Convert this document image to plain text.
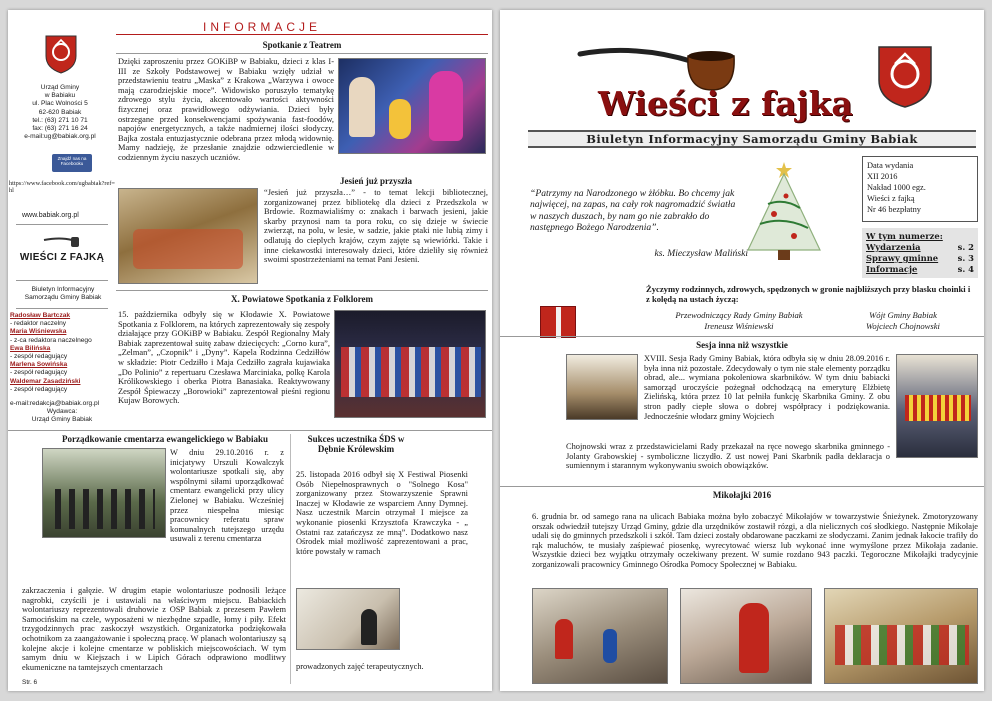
INFORMACJE
Urząd Gminy
w Babiaku
ul. Plac Wolności 5
62-620 Babiak
tel.: (63) 271 10 71
fax: (63) 271 16 24
e-mail:ug@babiak.org.pl
Znajdź nas na Facebooku
https://www.facebook.com/ugbabiak?ref=hl
www.babiak.org.pl
WIEŚCI Z FAJKĄ
Biuletyn Informacyjny Samorządu Gminy Babiak
Radosław Bartczak
- redaktor naczelny
Maria Wiśniewska
- z-ca redaktora naczelnego
Ewa Bilińska
- zespół redagujący
Marlena Sowińska
- zespół redagujący
Waldemar Zasadziński
- zespół redagujący
e-mail:redakcja@babiak.org.pl
Wydawca:
Urząd Gminy Babiak
Spotkanie z Teatrem
Dzięki zaproszeniu przez GOKiBP w Babiaku, dzieci z klas I-III ze Szkoły Podstawowej w Babiaku wzięły udział w przedstawieniu teatru „Maska” z Krakowa „Warzywa i owoce mają czarodziejskie moce”. Widowisko poruszyło tematykę zdrowego stylu życia, akcentowało wartości aktywności fizycznej oraz prawidłowego odżywiania. Dzieci były ostrzegane przed konsekwencjami spożywania fast-foodów, napojów energetycznych, a także nadmiernej ilości słodyczy. Bajka została entuzjastycznie odebrana przez młodą widownię. Mamy nadzieję, że przesłanie znajdzie odzwierciedlenie w codziennym życiu naszych uczniów.
Jesień już przyszła
“Jesień już przyszła…” - to temat lekcji bibliotecznej, zorganizowanej przez bibliotekę dla dzieci z Przedszkola w Brdowie. Rozmawialiśmy o: znakach i barwach jesieni, jakie skarby przynosi nam ta pora roku, co się dzieje w świecie zwierząt, na polu, w lesie, w sadzie, jakie ptaki nie lubią zimy i odlatują do cieplych krajów, czym zajęte są wiewiórki. Takie i inne ciekawostki interesowały dzieci, które dzieliły się również swoimi spostrzeżeniami na temat Pani Jesieni.
X. Powiatowe Spotkania z Folklorem
15. października odbyły się w Kłodawie X. Powiatowe Spotkania z Folklorem, na których zaprezentowały się zespoły działające przy GOKiBP w Babiaku. Zespół Regionalny Mały Babiak zaprezentował suitę zabaw dziecięcych: „Corno kura”, „Zelman”, „Czopnik” i „Dyny”. Kapela Rodzinna Cedziłłów w składzie: Piotr Cedziłło i Maja Cedziłło zagrała kujawiaka „Do Polinio” z repertuaru Czesława Marciniaka, polkę Karola Królikowskiego i oberka Piotra Banasiaka. Reaktywowany Zespół Śpiewaczy „Borowioki” zaprezentował pieśni regionu Kujaw Borowych.
Porządkowanie cmentarza ewangelickiego w Babiaku
W dniu 29.10.2016 r. z inicjatywy Urszuli Kowalczyk wolontariusze spotkali się, aby wspólnymi siłami uporządkować cmentarz ewangelicki przy ulicy Zielonej w Babiaku. Wcześniej przez niespełna miesiąc pracownicy referatu spraw komunalnych tutejszego urzędu usuwali z terenu cmentarza
zakrzaczenia i gałęzie. W drugim etapie wolontariusze podnosili leżące nagrobki, czyścili je i ustawiali na właściwym miejscu. Babiackich wolontariuszy reprezentowali druhowie z OSP Babiak z prezesem Pawłem Samocińskim na czele, wyposażeni w niezbędne szpadle, łomy i piły. Efekt trzygodzinnych prac zaskoczył wszystkich. Organizatorka podziękowała ochotnikom za zaangażowanie i społeczną pracę. W planach wolontariuszy są kolejne akcje i kolejne cmentarze w pobliskich miejscowościach. W tym samym dniu w Kiejszach i w Lipich Górach odprawiono modlitwy ekumeniczne na tamtejszych cmentarzach
Sukces uczestnika ŚDS w Dębnie Królewskim
25. listopada 2016 odbył się X Festiwal Piosenki Osób Niepełnosprawnych o "Solnego Kosa" zorganizowany przez Stowarzyszenie Sprawni Inaczej w Kłodawie ze wsparciem Anny Dymnej. Nasz uczestnik Marcin otrzymał I miejsce za wykonanie piosenki Krzysztofa Krawczyka - „ Ostatni raz zatańczysz ze mną”. Dodatkowo nasz Ośrodek miał możliwość zaprezentowani a prac, które powstały w ramach
prowadzonych zajęć terapeutycznych.
Str. 6
Wieści z fajką
Biuletyn Informacyjny Samorządu Gminy Babiak
“Patrzymy na Narodzonego w żłóbku. Bo chcemy jak najwięcej, na zapas, na cały rok nagromadzić światła w naszych duszach, by nam go nie zabrakło do następnego Bożego Narodzenia”.
ks. Mieczysław Maliński
Data wydania
XII 2016
Nakład 1000 egz.
Wieści z fajką
Nr 46 bezpłatny
W tym numerze:
Wydarzenia	s. 2
Sprawy gminne s. 3
Informacje	s. 4
Życzymy rodzinnych, zdrowych, spędzonych w gronie najbliższych przy blasku choinki i z kolędą na ustach życzą:
Przewodniczący Rady Gminy Babiak
Ireneusz Wiśniewski
Wójt Gminy Babiak
Wojciech Chojnowski
Sesja inna niż wszystkie
XVIII. Sesja Rady Gminy Babiak, która odbyła się w dniu 28.09.2016 r. była inna niż pozostałe. Zdecydowały o tym nie stałe elementy porządku obrad, ale... wymiana pokoleniowa skarbników. W tym dniu babiacki samorząd uroczyście pożegnał odchodzącą na emeryturę Elżbietę Zielińską, która przez 10 lat pełniła funkcję Skarbnika Gminy. Z obu stron padły ciepłe słowa o dobrej współpracy i podziękowania. Jednocześnie włodarz gminy Wojciech
Chojnowski wraz z przedstawicielami Rady przekazał na ręce nowego skarbnika gminnego - Jolanty Grabowskiej - symboliczne liczydło. Z ust nowej Pani Skarbnik padła deklaracja o sumiennym i starannym wykonywaniu swoich obowiązków.
Mikołajki 2016
6. grudnia br. od samego rana na ulicach Babiaka można było zobaczyć Mikołajów w towarzystwie Śnieżynek. Zmotoryzowany orszak odwiedził tutejszy Urząd Gminy, gdzie dla urzędników zostawił rózgi, a dla nielicznych coś słodkiego. Następnie Mikołaje udali się do gminnych przedszkoli i szkół. Tam dzieci zostały obdarowane paczkami ze słodyczami. Zanim jednak łakocie trafiły do rąk maluchów, te musiały zaśpiewać piosenkę, wyrecytować wiersz lub wykonać inne wymyślone przez Mikołaja zadanie. Wszystkie dzieci bez wyjątku otrzymały oczekiwany prezent. W sumie rozdano 943 paczki. Tegoroczne Mikołajki tradycyjnie zorganizowali pracownicy Gminnego Ośrodka Pomocy Społecznej w Babiaku.
